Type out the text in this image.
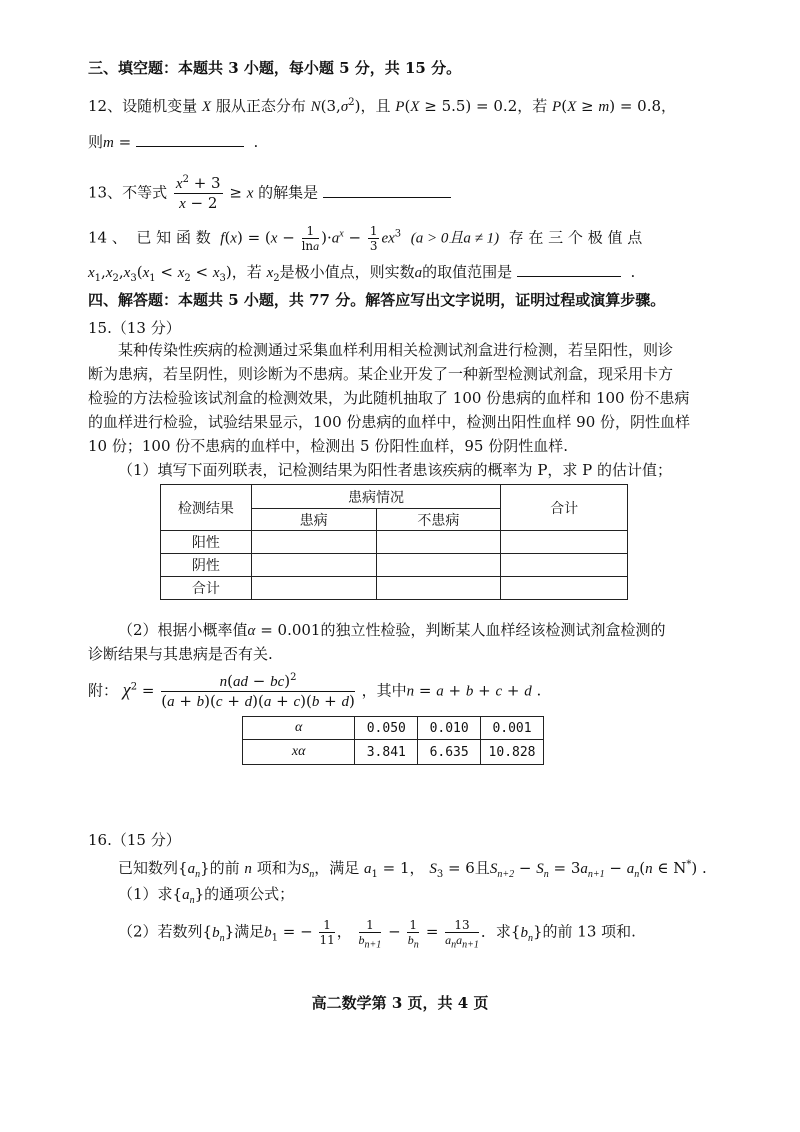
三、填空题：本题共 3 小题，每小题 5 分，共 15 分。
12、设随机变量 X 服从正态分布 $N(3,\sigma^2)$，且 P(X ≥ 5.5) = 0.2，若 P(X ≥ m) = 0.8，
则m =	.
13、不等式 $\frac{x^2 + 3}{x - 2} \ge x$ 的解集是
14 、 已 知 函 数 $f(x) = (x - \frac{1}{\ln a} )\cdot a^x - \frac{1}{3} ex^3$ (a > 0且a ≠ 1) 存 在 三 个 极 值 点
$x_1,x_2,x_3(x_1 < x_2 < x_3)$，若 $x_2$是极小值点，则实数a的取值范围是	.
四、解答题：本题共 5 小题，共 77 分。解答应写出文字说明，证明过程或演算步骤。
15.（13 分）
某种传染性疾病的检测通过采集血样利用相关检测试剂盒进行检测，若呈阳性，则诊
断为患病，若呈阴性，则诊断为不患病。某企业开发了一种新型检测试剂盒，现采用卡方
检验的方法检验该试剂盒的检测效果，为此随机抽取了 100 份患病的血样和 100 份不患病
的血样进行检验，试验结果显示，100 份患病的血样中，检测出阳性血样 90 份，阴性血样
10 份；100 份不患病的血样中，检测出 5 份阳性血样，95 份阴性血样.
（1）填写下面列联表，记检测结果为阳性者患该疾病的概率为 P，求 P 的估计值；
检测结果	患病情况		合计
	患病	不患病	
阳性			
阴性			
合计			
（2）根据小概率值α = 0.001的独立性检验，判断某人血样经该检测试剂盒检测的
诊断结果与其患病是否有关.
附： $\chi^2 = \frac{n(ad - bc)^2}{(a + b)(c + d)(a + c)(b + d)}$ ，其中n = a + b + c + d .
α	0.050	0.010	0.001
xα	3.841	6.635	10.828
16.（15 分）
已知数列$\{a_n\}$的前 n 项和为$S_n$，满足 $a_1 = 1$， $S_3 = 6$且$S_{n+2} - S_n = 3a_{n+1} - a_n(n$ ∈ N*) .
（1）求$\{a_n\}$的通项公式；
（2）若数列$\{b_n\}$满足$b_1$ = − $\frac{1}{11}$ ， $\frac{1}{b_{n+1}} - \frac{1}{b_n} = \frac{13}{a_na_{n+1}}$ ．求$\{b_n\}$的前 13 项和.
高二数学第 3 页，共 4 页
